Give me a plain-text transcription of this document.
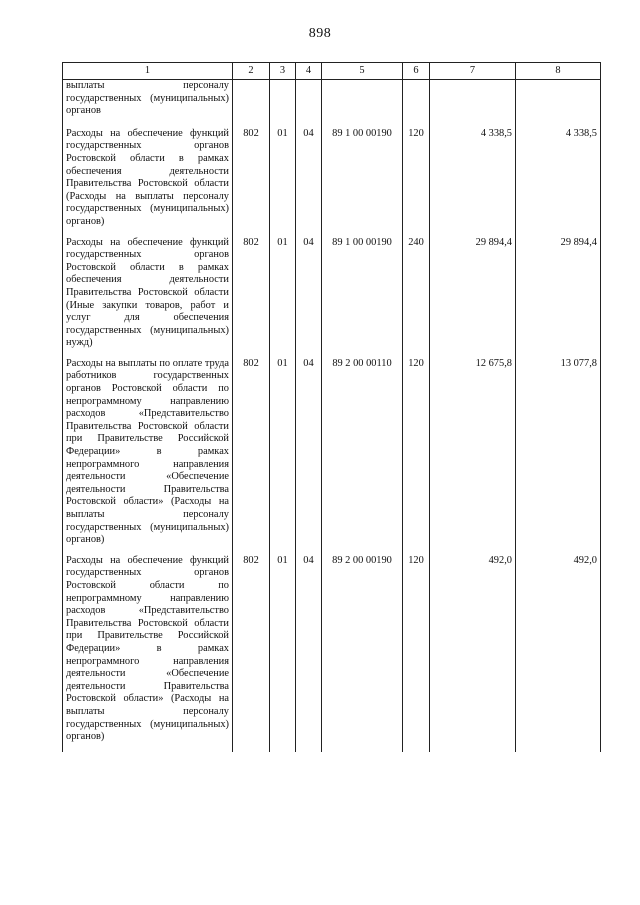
898
1	2	3	4	5	6	7	8
выплаты персоналу государственных (муниципальных) органов							
Расходы на обеспечение функций государственных органов Ростовской области в рамках обеспечения деятельности Правительства Ростовской области (Расходы на выплаты персоналу государственных (муниципальных) органов)	802	01	04	89 1 00 00190	120	4 338,5	4 338,5
Расходы на обеспечение функций государственных органов Ростовской области в рамках обеспечения деятельности Правительства Ростовской области (Иные закупки товаров, работ и услуг для обеспечения государственных (муниципальных) нужд)	802	01	04	89 1 00 00190	240	29 894,4	29 894,4
Расходы на выплаты по оплате труда работников государственных органов Ростовской области по непрограммному направлению расходов «Представительство Правительства Ростовской области при Правительстве Российской Федерации» в рамках непрограммного направления деятельности «Обеспечение деятельности Правительства Ростовской области» (Расходы на выплаты персоналу государственных (муниципальных) органов)	802	01	04	89 2 00 00110	120	12 675,8	13 077,8
Расходы на обеспечение функций государственных органов Ростовской области по непрограммному направлению расходов «Представительство Правительства Ростовской области при Правительстве Российской Федерации» в рамках непрограммного направления деятельности «Обеспечение деятельности Правительства Ростовской области» (Расходы на выплаты персоналу государственных (муниципальных) органов)	802	01	04	89 2 00 00190	120	492,0	492,0
